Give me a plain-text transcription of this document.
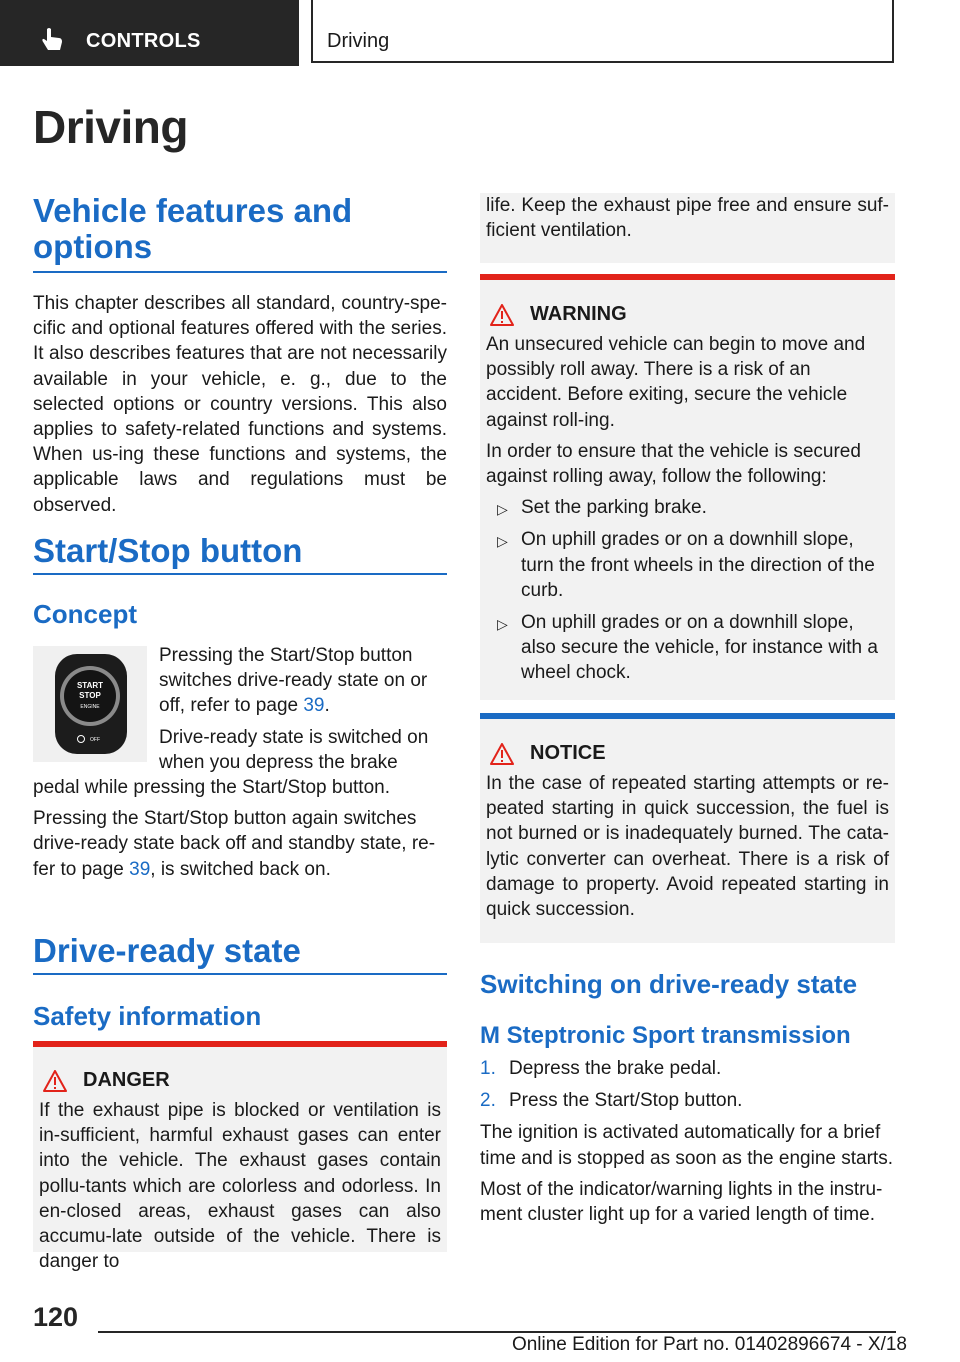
CONTROLS	Driving
Driving
Vehicle features and options

This chapter describes all standard, country-spe-cific and optional features offered with the series. It also describes features that are not necessarily available in your vehicle, e. g., due to the selected options or country versions. This also applies to safety-related functions and systems. When us-ing these functions and systems, the applicable laws and regulations must be observed.

Start/Stop button
Concept
START
STOP
ENGINE
OFF

Pressing the Start/Stop button switches drive-ready state on or off, refer to page 39.

Drive-ready state is switched on when you depress the brake

pedal while pressing the Start/Stop button.

Pressing the Start/Stop button again switches drive-ready state back off and standby state, re-fer to page 39, is switched back on.

Drive-ready state
Safety information
DANGER

If the exhaust pipe is blocked or ventilation is in-sufficient, harmful exhaust gases can enter into the vehicle. The exhaust gases contain pollu-tants which are colorless and odorless. In en-closed areas, exhaust gases can also accumu-late outside of the vehicle. There is danger to

life. Keep the exhaust pipe free and ensure suf-ficient ventilation.

WARNING

An unsecured vehicle can begin to move and possibly roll away. There is a risk of an accident. Before exiting, secure the vehicle against roll-ing.

In order to ensure that the vehicle is secured against rolling away, follow the following:

▷ Set the parking brake.
▷ On uphill grades or on a downhill slope, turn the front wheels in the direction of the curb.
▷ On uphill grades or on a downhill slope, also secure the vehicle, for instance with a wheel chock.
NOTICE

In the case of repeated starting attempts or re-peated starting in quick succession, the fuel is not burned or is inadequately burned. The cata-lytic converter can overheat. There is a risk of damage to property. Avoid repeated starting in quick succession.

Switching on drive-ready state
M Steptronic Sport transmission
1. Depress the brake pedal.
2. Press the Start/Stop button.

The ignition is activated automatically for a brief time and is stopped as soon as the engine starts.

Most of the indicator/warning lights in the instru-ment cluster light up for a varied length of time.

120
Online Edition for Part no. 01402896674 - X/18
